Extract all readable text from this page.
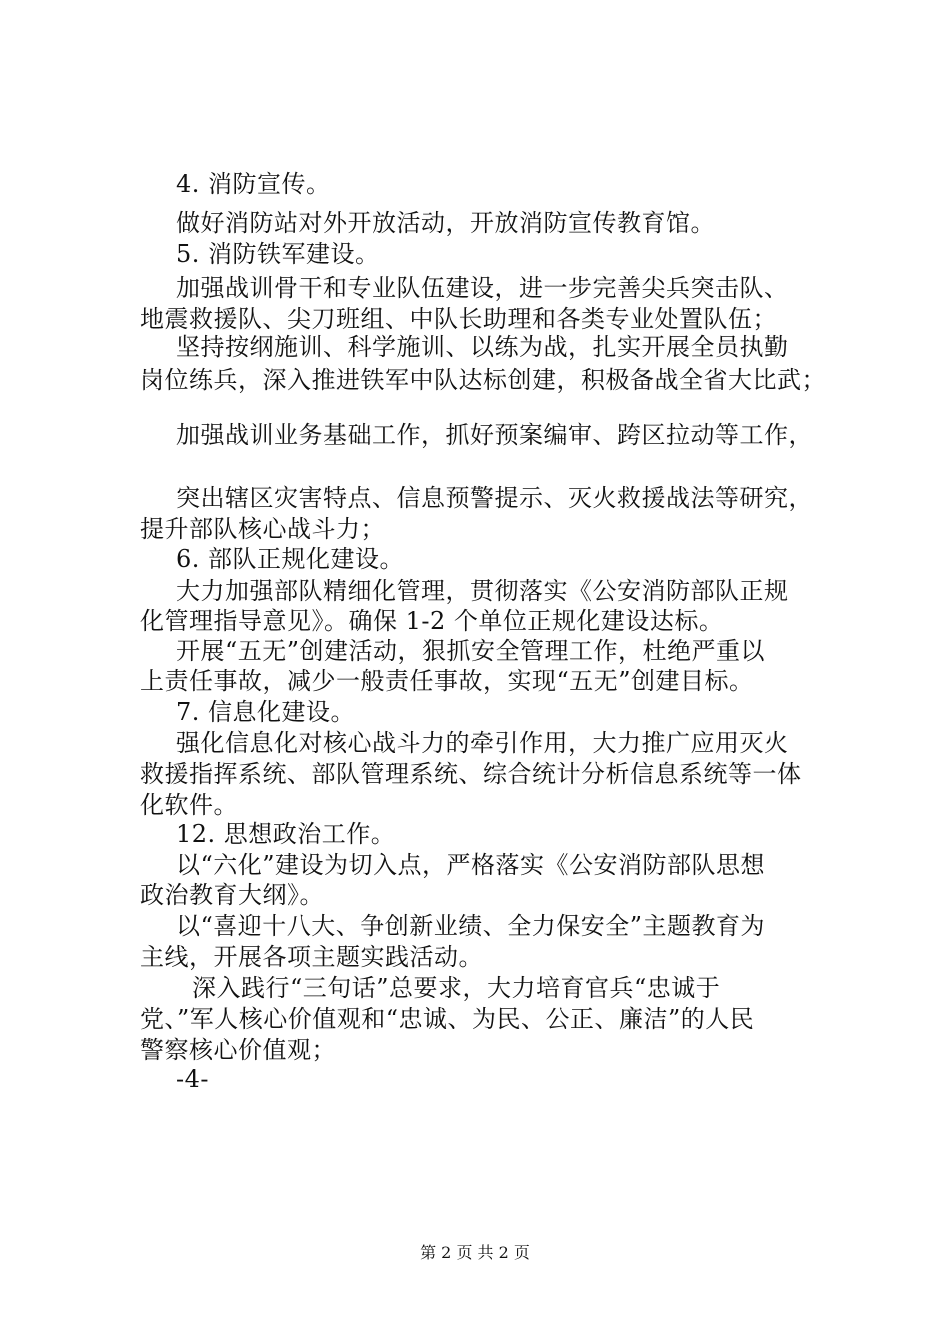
4. 消防宣传。
做好消防站对外开放活动，开放消防宣传教育馆。
5. 消防铁军建设。
加强战训骨干和专业队伍建设，进一步完善尖兵突击队、
地震救援队、尖刀班组、中队长助理和各类专业处置队伍；
坚持按纲施训、科学施训、以练为战，扎实开展全员执勤
岗位练兵，深入推进铁军中队达标创建，积极备战全省大比武；
加强战训业务基础工作，抓好预案编审、跨区拉动等工作，
突出辖区灾害特点、信息预警提示、灭火救援战法等研究，
提升部队核心战斗力；
6. 部队正规化建设。
大力加强部队精细化管理，贯彻落实《公安消防部队正规
化管理指导意见》。确保 1-2 个单位正规化建设达标。
开展“五无”创建活动，狠抓安全管理工作，杜绝严重以
上责任事故，减少一般责任事故，实现“五无”创建目标。
7. 信息化建设。
强化信息化对核心战斗力的牵引作用，大力推广应用灭火
救援指挥系统、部队管理系统、综合统计分析信息系统等一体
化软件。
12. 思想政治工作。
以“六化”建设为切入点，严格落实《公安消防部队思想
政治教育大纲》。
以“喜迎十八大、争创新业绩、全力保安全”主题教育为
主线，开展各项主题实践活动。
深入践行“三句话”总要求，大力培育官兵“忠诚于
党、”军人核心价值观和“忠诚、为民、公正、廉洁”的人民
警察核心价值观；
-4-
第 2 页 共 2 页
